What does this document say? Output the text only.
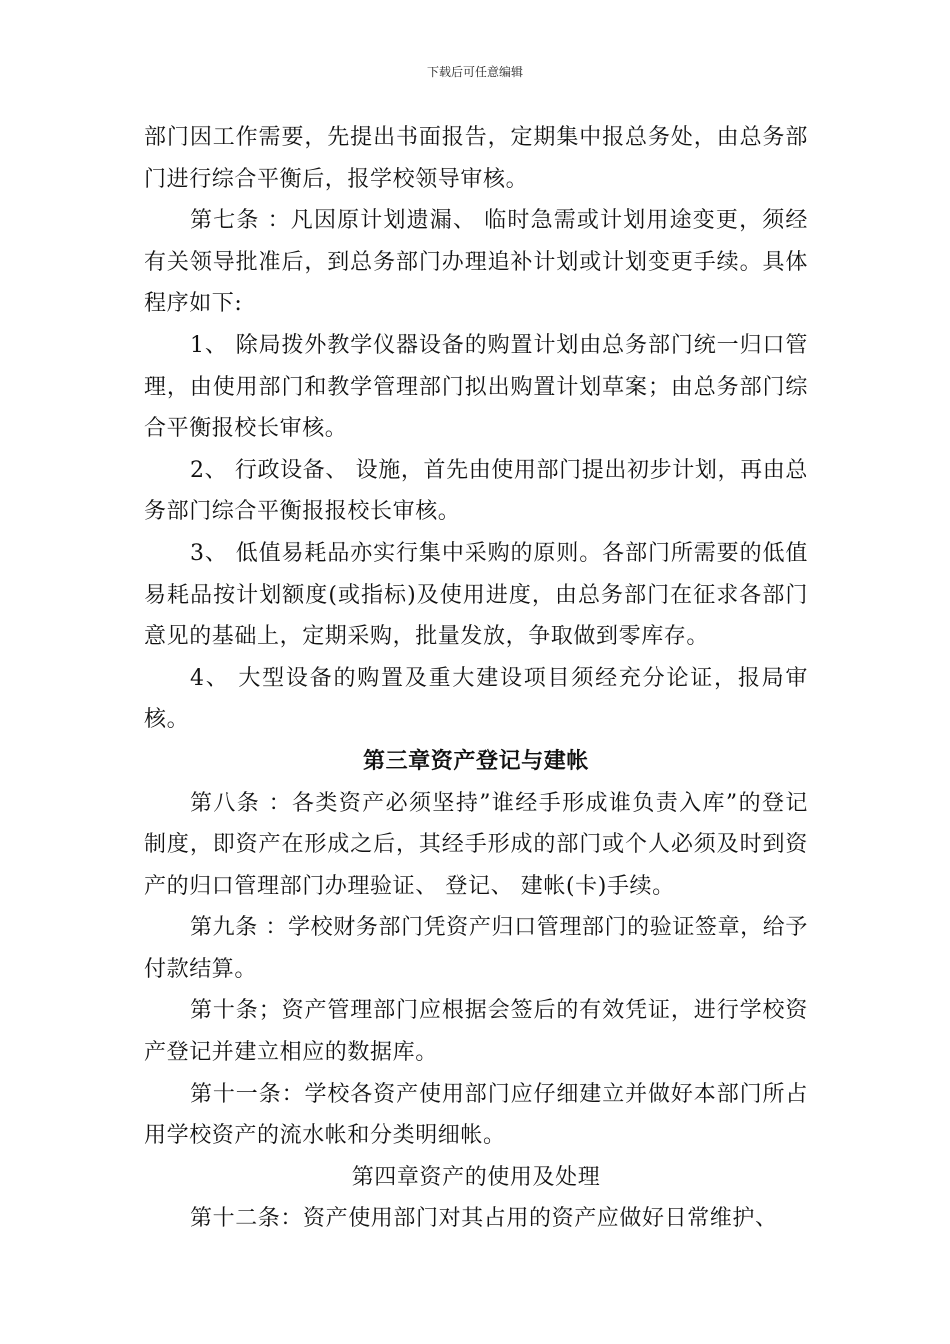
下载后可任意编辑

部门因工作需要，先提出书面报告，定期集中报总务处，由总务部门进行综合平衡后，报学校领导审核。

第七条 ：凡因原计划遗漏、 临时急需或计划用途变更，须经有关领导批准后，到总务部门办理追补计划或计划变更手续。具体程序如下:

1、 除局拨外教学仪器设备的购置计划由总务部门统一归口管理，由使用部门和教学管理部门拟出购置计划草案；由总务部门综合平衡报校长审核。

2、 行政设备、 设施，首先由使用部门提出初步计划，再由总务部门综合平衡报报校长审核。

3、 低值易耗品亦实行集中采购的原则。各部门所需要的低值易耗品按计划额度(或指标)及使用进度，由总务部门在征求各部门意见的基础上，定期采购，批量发放，争取做到零库存。

4、 大型设备的购置及重大建设项目须经充分论证，报局审核。

第三章资产登记与建帐

第八条 ：各类资产必须坚持”谁经手形成谁负责入库”的登记制度，即资产在形成之后，其经手形成的部门或个人必须及时到资产的归口管理部门办理验证、 登记、 建帐(卡)手续。

第九条 ：学校财务部门凭资产归口管理部门的验证签章，给予付款结算。

第十条；资产管理部门应根据会签后的有效凭证，进行学校资产登记并建立相应的数据库。

第十一条：学校各资产使用部门应仔细建立并做好本部门所占用学校资产的流水帐和分类明细帐。

第四章资产的使用及处理

第十二条：资产使用部门对其占用的资产应做好日常维护、
